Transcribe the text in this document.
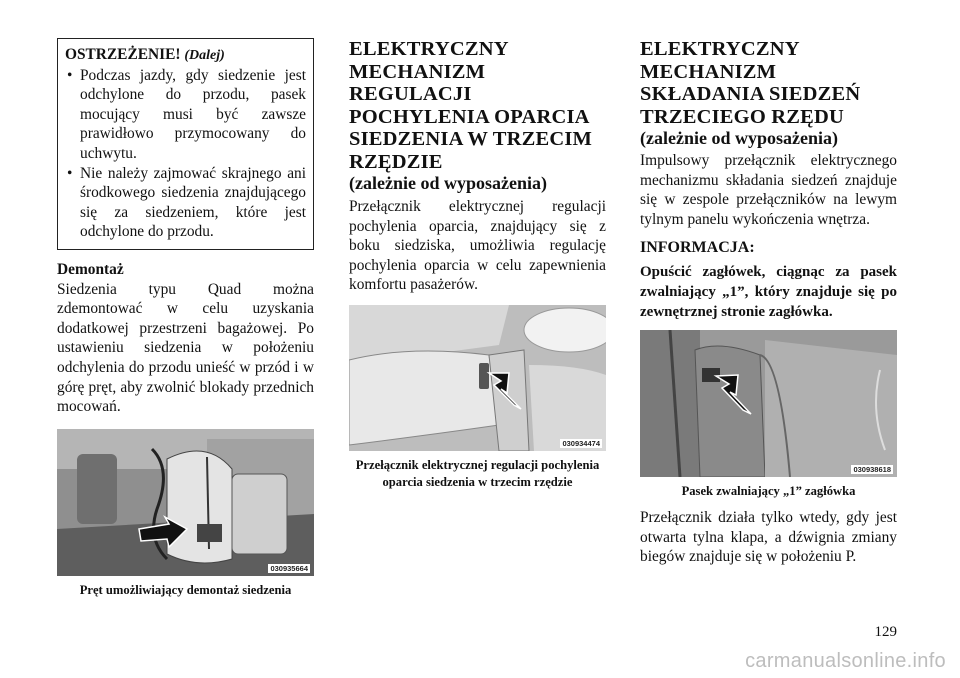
OSTRZEŻENIE! (Dalej)
• Podczas jazdy, gdy siedzenie jest odchylone do przodu, pasek mocujący musi być zawsze prawidłowo przymocowany do uchwytu.
• Nie należy zajmować skrajnego ani środkowego siedzenia znajdującego się za siedzeniem, które jest odchylone do przodu.
Demontaż

Siedzenia typu Quad można zdemontować w celu uzyskania dodatkowej przestrzeni bagażowej. Po ustawieniu siedzenia w położeniu odchylenia do przodu unieść w przód i w górę pręt, aby zwolnić blokady przednich mocowań.

030935664
Pręt umożliwiający demontaż siedzenia
ELEKTRYCZNY MECHANIZM REGULACJI POCHYLENIA OPARCIA SIEDZENIA W TRZECIM RZĘDZIE
(zależnie od wyposażenia)

Przełącznik elektrycznej regulacji pochylenia oparcia, znajdujący się z boku siedziska, umożliwia regulację pochylenia oparcia w celu zapewnienia komfortu pasażerów.

030934474
Przełącznik elektrycznej regulacji pochylenia oparcia siedzenia w trzecim rzędzie
ELEKTRYCZNY MECHANIZM SKŁADANIA SIEDZEŃ TRZECIEGO RZĘDU
(zależnie od wyposażenia)

Impulsowy przełącznik elektrycznego mechanizmu składania siedzeń znajduje się w zespole przełączników na lewym tylnym panelu wykończenia wnętrza.

INFORMACJA:

Opuścić zagłówek, ciągnąc za pasek zwalniający „1”, który znajduje się po zewnętrznej stronie zagłówka.

030938618
Pasek zwalniający „1” zagłówka

Przełącznik działa tylko wtedy, gdy jest otwarta tylna klapa, a dźwignia zmiany biegów znajduje się w położeniu P.

129
carmanualsonline.info
